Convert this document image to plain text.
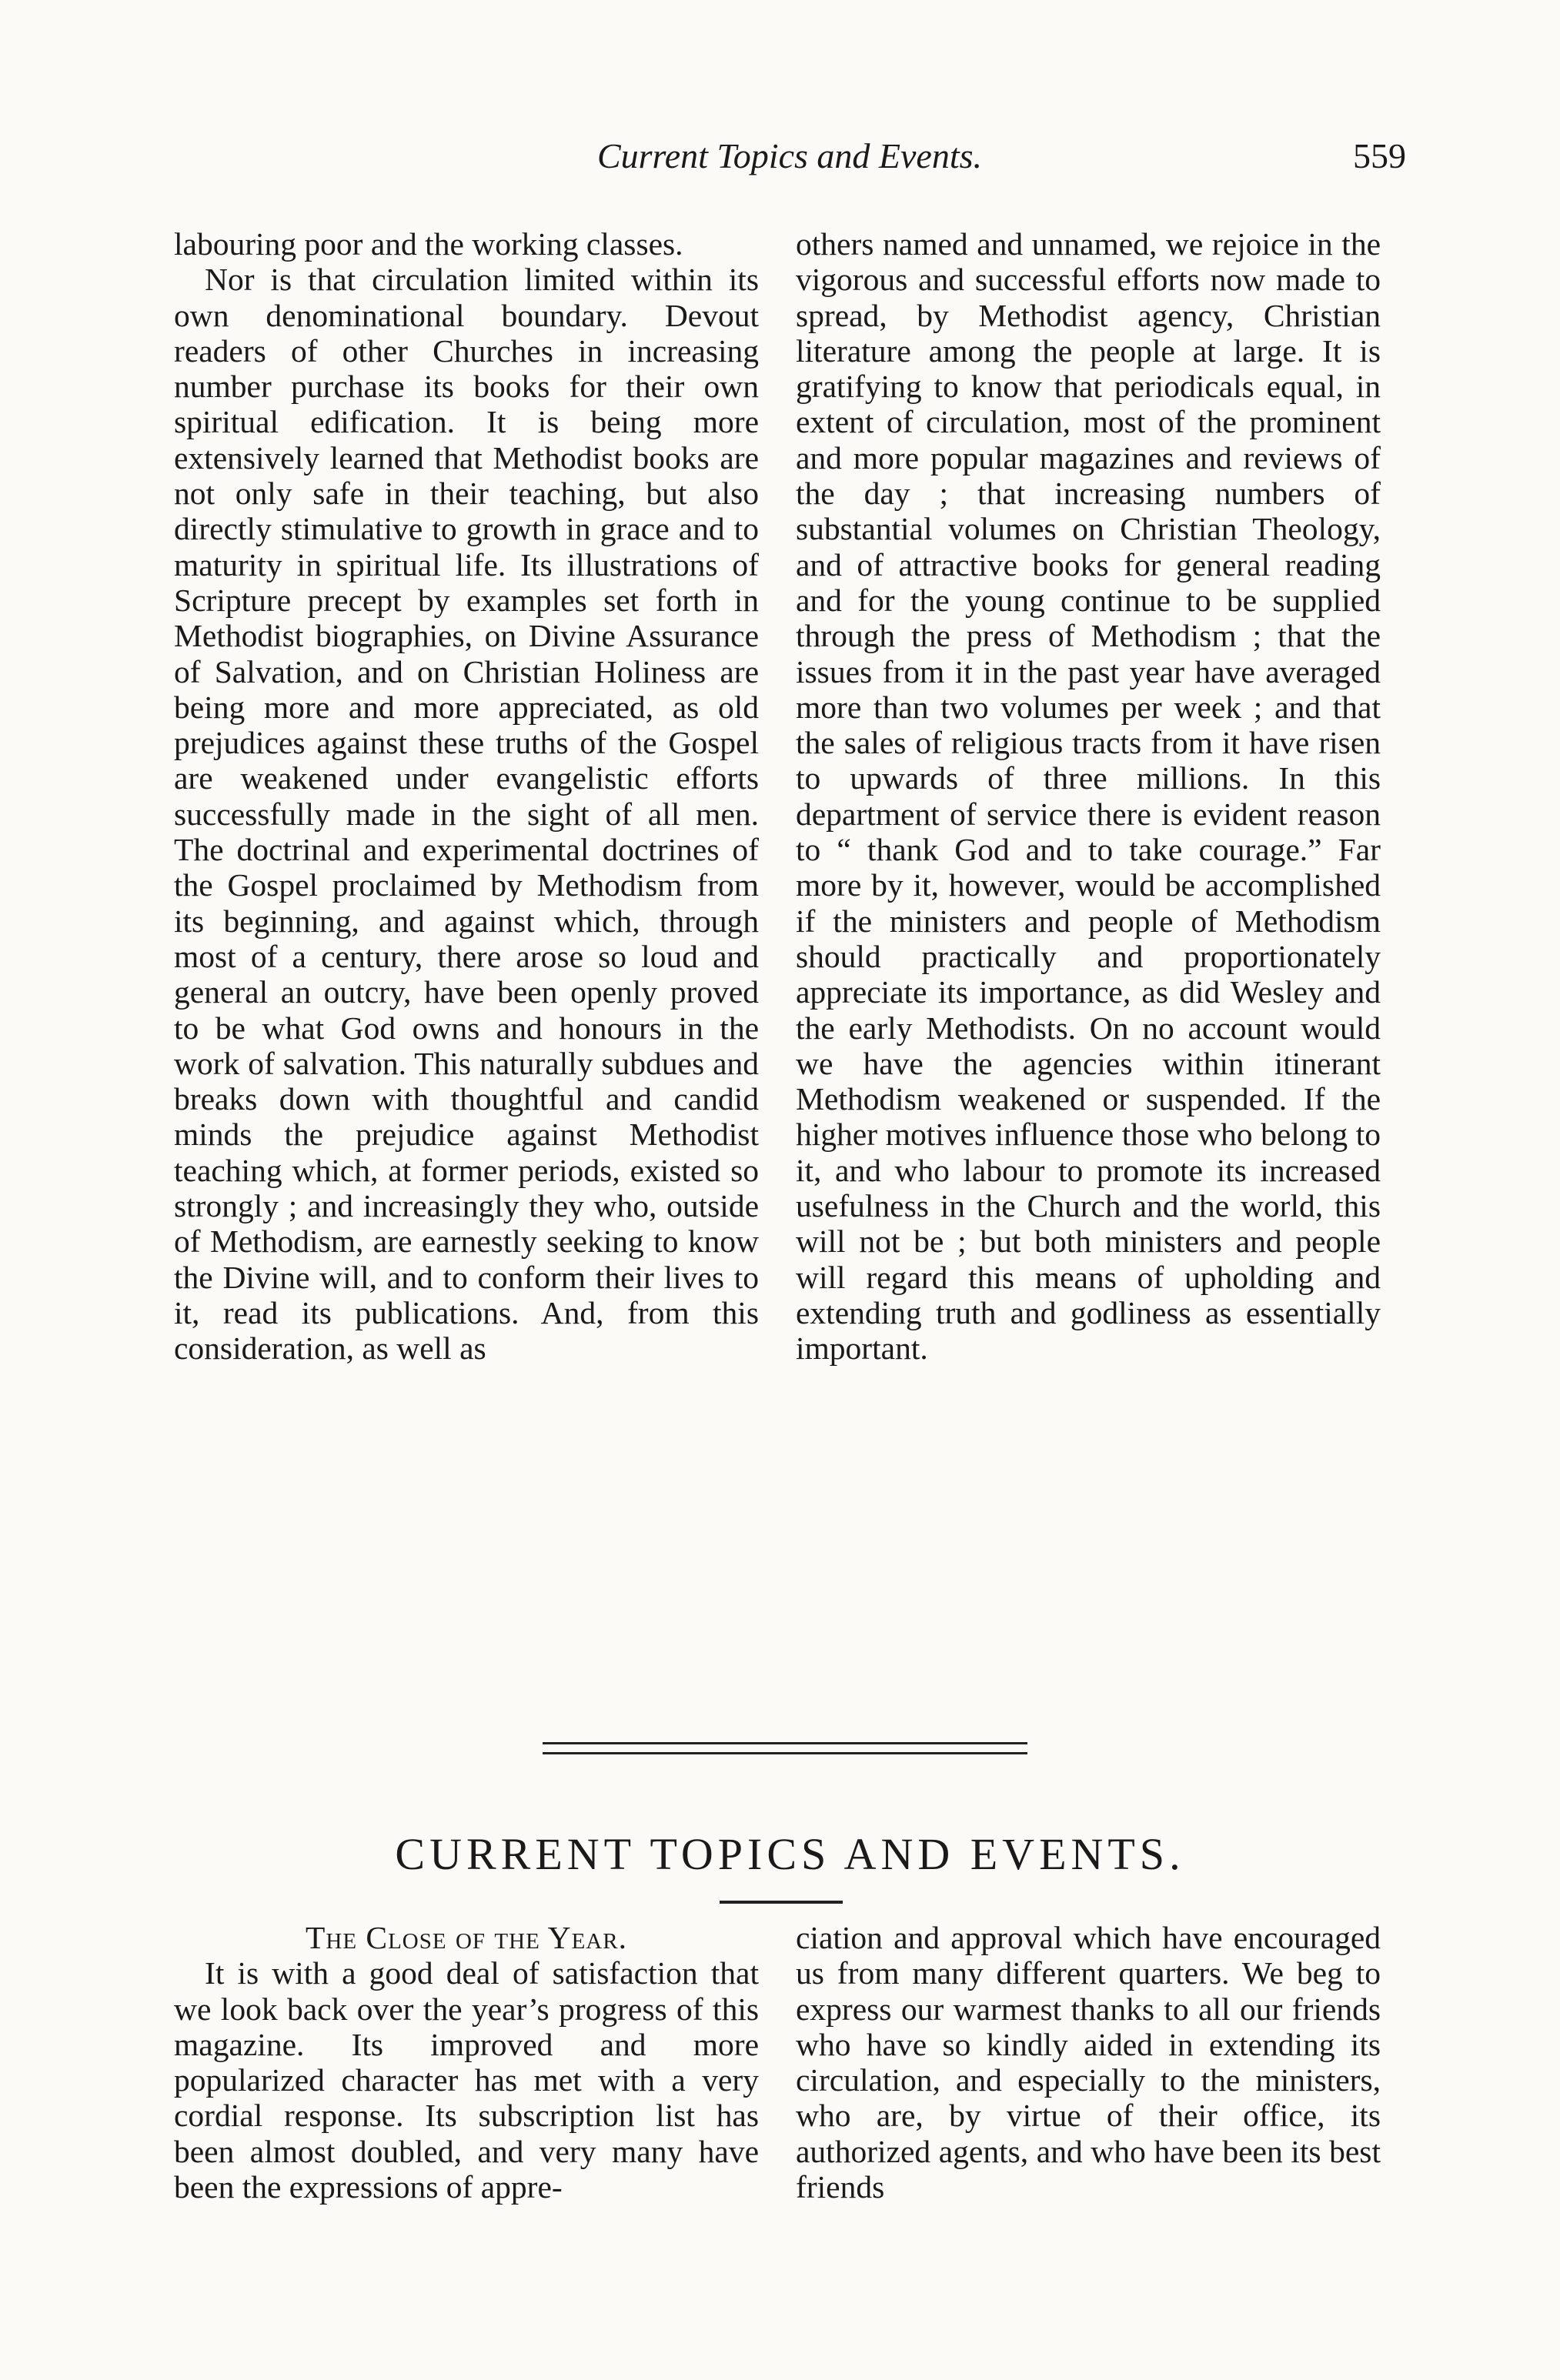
Current Topics and Events.	559

labouring poor and the working classes.

Nor is that circulation limited within its own denominational boundary. Devout readers of other Churches in increasing number purchase its books for their own spiritual edification. It is being more extensively learned that Methodist books are not only safe in their teaching, but also directly stimulative to growth in grace and to maturity in spiritual life. Its illustrations of Scripture precept by examples set forth in Methodist biographies, on Divine Assurance of Salvation, and on Christian Holiness are being more and more appreciated, as old prejudices against these truths of the Gospel are weakened under evangelistic efforts successfully made in the sight of all men. The doctrinal and experimental doctrines of the Gospel proclaimed by Methodism from its beginning, and against which, through most of a century, there arose so loud and general an outcry, have been openly proved to be what God owns and honours in the work of salvation. This naturally subdues and breaks down with thoughtful and candid minds the prejudice against Methodist teaching which, at former periods, existed so strongly ; and increasingly they who, outside of Methodism, are earnestly seeking to know the Divine will, and to conform their lives to it, read its publications. And, from this consideration, as well as

others named and unnamed, we rejoice in the vigorous and successful efforts now made to spread, by Methodist agency, Christian literature among the people at large. It is gratifying to know that periodicals equal, in extent of circulation, most of the prominent and more popular magazines and reviews of the day ; that increasing numbers of substantial volumes on Christian Theology, and of attractive books for general reading and for the young continue to be supplied through the press of Methodism ; that the issues from it in the past year have averaged more than two volumes per week ; and that the sales of religious tracts from it have risen to upwards of three millions. In this department of service there is evident reason to “ thank God and to take courage.” Far more by it, however, would be accomplished if the ministers and people of Methodism should practically and proportionately appreciate its importance, as did Wesley and the early Methodists. On no account would we have the agencies within itinerant Methodism weakened or suspended. If the higher motives influence those who belong to it, and who labour to promote its increased usefulness in the Church and the world, this will not be ; but both ministers and people will regard this means of upholding and extending truth and godliness as essentially important.

CURRENT TOPICS AND EVENTS.

The Close of the Year.

It is with a good deal of satisfaction that we look back over the year’s progress of this magazine. Its improved and more popularized character has met with a very cordial response. Its subscription list has been almost doubled, and very many have been the expressions of appre-

ciation and approval which have encouraged us from many different quarters. We beg to express our warmest thanks to all our friends who have so kindly aided in extending its circulation, and especially to the ministers, who are, by virtue of their office, its authorized agents, and who have been its best friends
